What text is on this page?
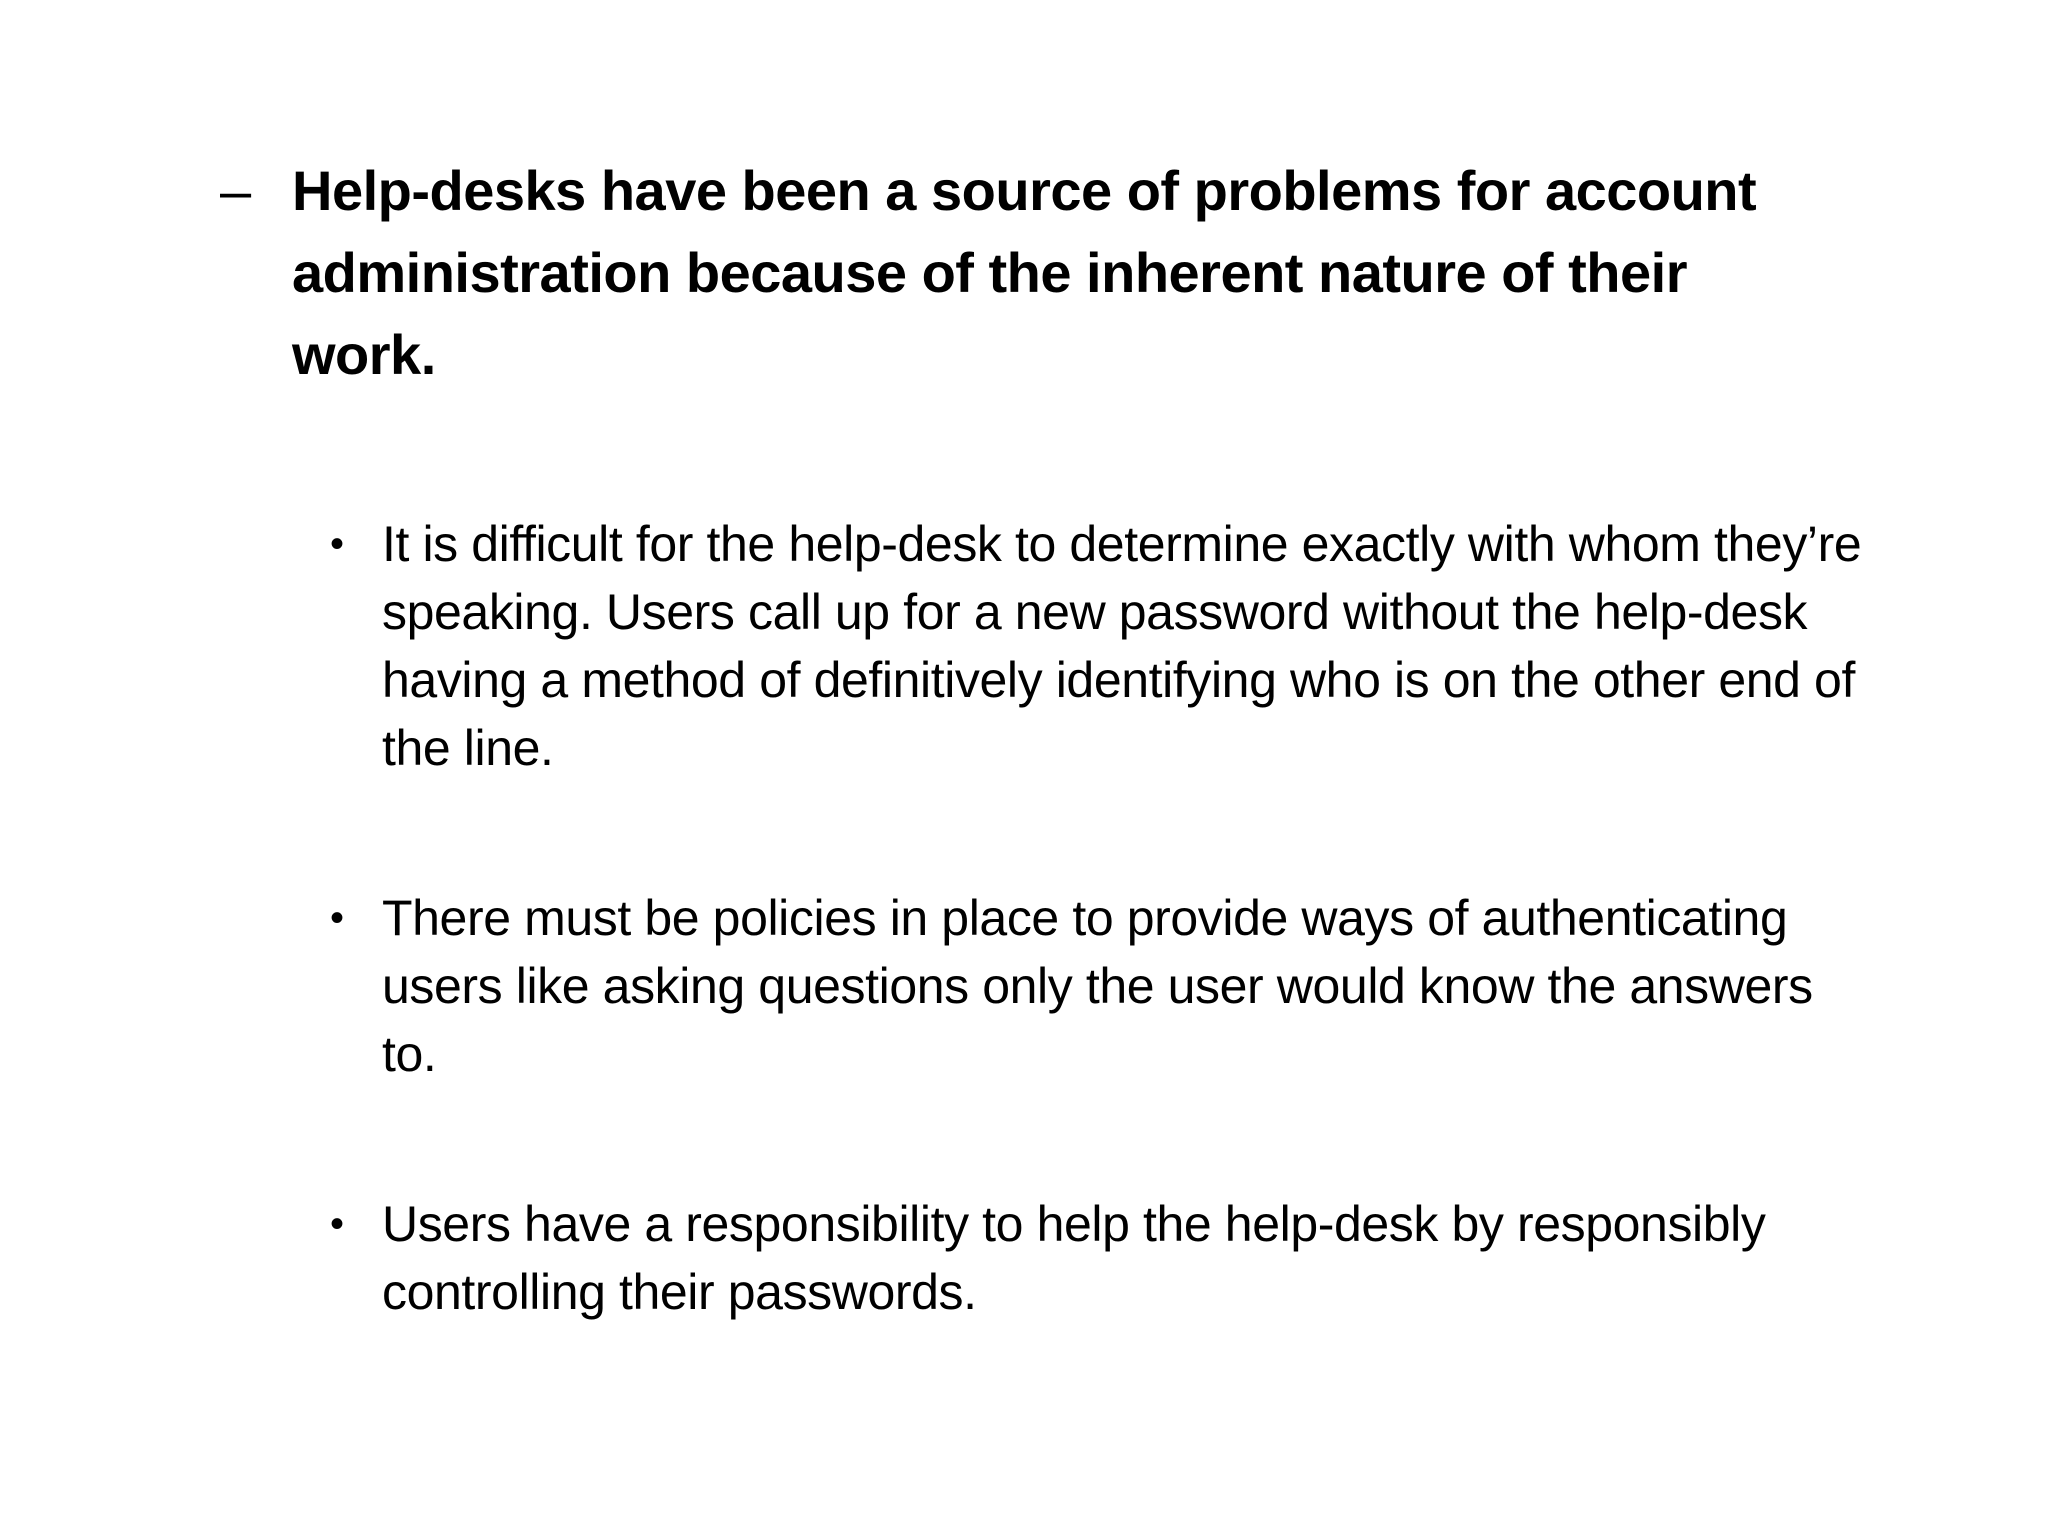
– Help-desks have been a source of problems for account administration because of the inherent nature of their work.
• It is difficult for the help-desk to determine exactly with whom they’re speaking. Users call up for a new password without the help-desk having a method of definitively identifying who is on the other end of the line.
• There must be policies in place to provide ways of authenticating users like asking questions only the user would know the answers to.
• Users have a responsibility to help the help-desk by responsibly controlling their passwords.
